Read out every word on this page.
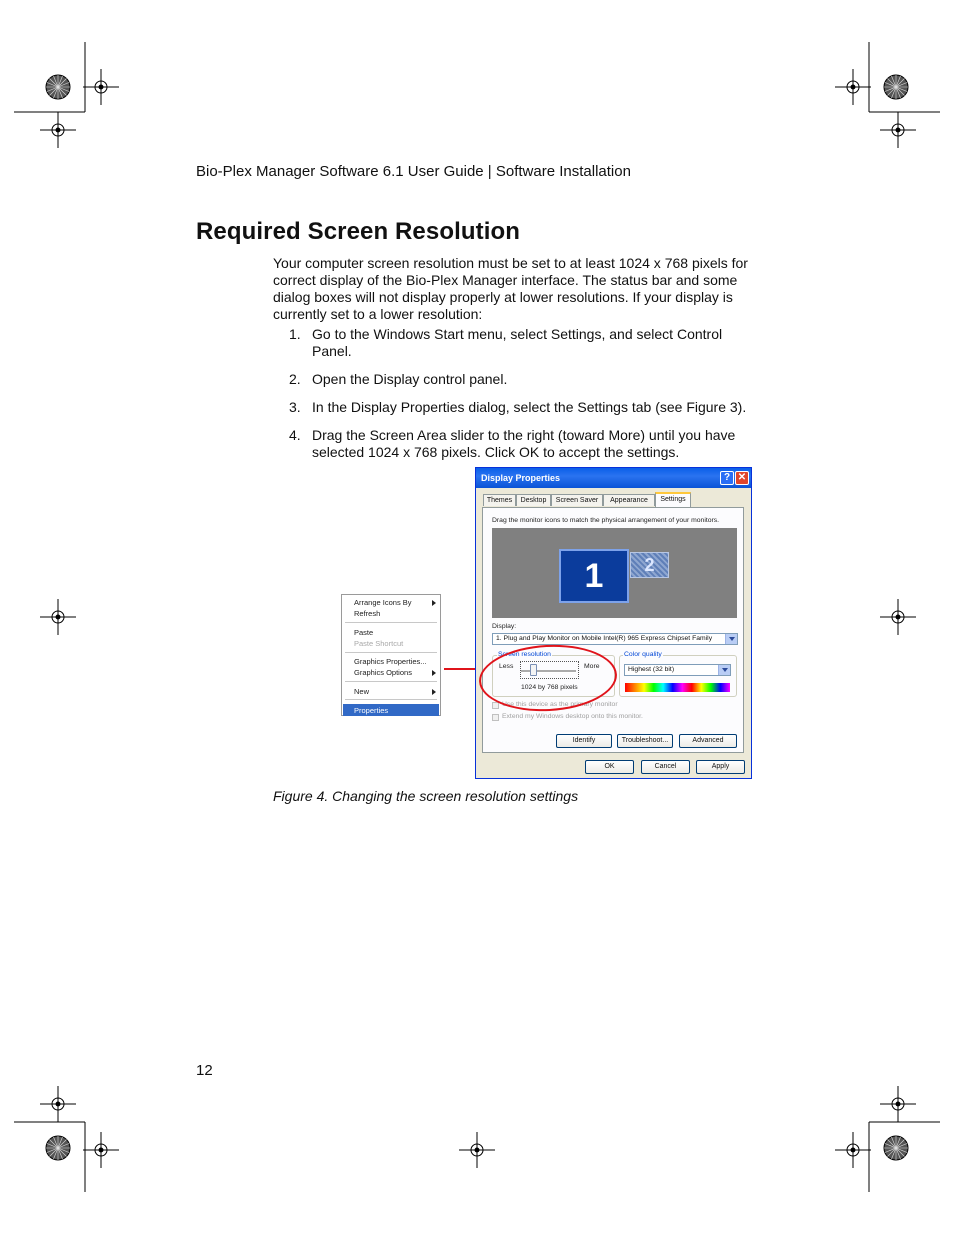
Bio-Plex Manager Software 6.1 User Guide | Software Installation
Required Screen Resolution
Your computer screen resolution must be set to at least 1024 x 768 pixels for correct display of the Bio-Plex Manager interface. The status bar and some dialog boxes will not display properly at lower resolutions. If your display is currently set to a lower resolution:
1. Go to the Windows Start menu, select Settings, and select Control Panel.
2. Open the Display control panel.
3. In the Display Properties dialog, select the Settings tab (see Figure 3).
4. Drag the Screen Area slider to the right (toward More) until you have selected 1024 x 768 pixels. Click OK to accept the settings.
Arrange Icons By
Refresh
Paste
Paste Shortcut
Graphics Properties...
Graphics Options
New
Properties
Display Properties	? ✕
Themes	Desktop	Screen Saver	Appearance	Settings
Drag the monitor icons to match the physical arrangement of your monitors.
1	2
Display:
1. Plug and Play Monitor on Mobile Intel(R) 965 Express Chipset Family
Screen resolution
Less	More
1024 by 768 pixels
Color quality
Highest (32 bit)
Use this device as the primary monitor
Extend my Windows desktop onto this monitor.
Identify	Troubleshoot...	Advanced
OK	Cancel	Apply
Figure 4. Changing the screen resolution settings
12
